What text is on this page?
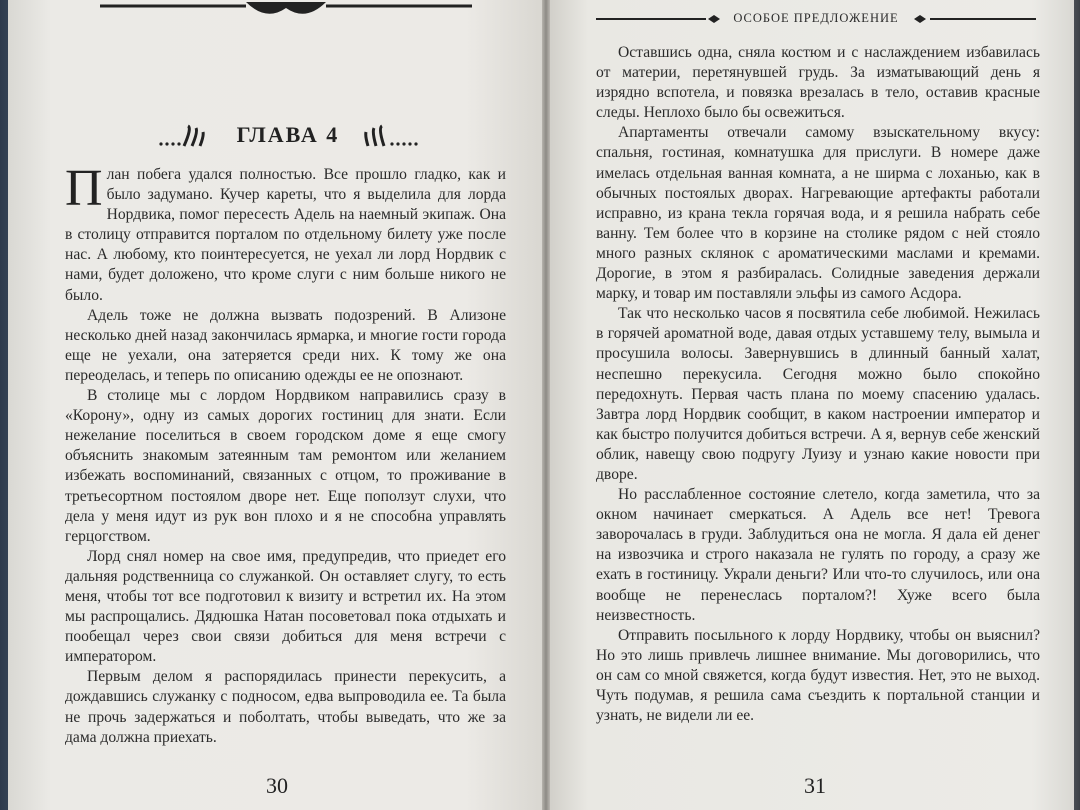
ГЛАВА 4

План побега удался полностью. Все прошло гладко, как и было задумано. Кучер кареты, что я выделила для лорда Нордвика, помог пересесть Адель на наемный экипаж. Она в столицу отправится порталом по отдельному билету уже после нас. А любому, кто поинтересуется, не уехал ли лорд Нордвик с нами, будет доложено, что кроме слуги с ним больше никого не было.

Адель тоже не должна вызвать подозрений. В Ализоне несколько дней назад закончилась ярмарка, и многие гости города еще не уехали, она затеряется среди них. К тому же она переоделась, и теперь по описанию одежды ее не опознают.

В столице мы с лордом Нордвиком направились сразу в «Корону», одну из самых дорогих гостиниц для знати. Если нежелание поселиться в своем городском доме я еще смогу объяснить знакомым затеянным там ремонтом или желанием избежать воспоминаний, связанных с отцом, то проживание в третьесортном постоялом дворе нет. Еще поползут слухи, что дела у меня идут из рук вон плохо и я не способна управлять герцогством.

Лорд снял номер на свое имя, предупредив, что приедет его дальняя родственница со служанкой. Он оставляет слугу, то есть меня, чтобы тот все подготовил к визиту и встретил их. На этом мы распрощались. Дядюшка Натан посоветовал пока отдыхать и пообещал через свои связи добиться для меня встречи с императором.

Первым делом я распорядилась принести перекусить, а дождавшись служанку с подносом, едва выпроводила ее. Та была не прочь задержаться и поболтать, чтобы выведать, что же за дама должна приехать.

30
ОСОБОЕ ПРЕДЛОЖЕНИЕ

Оставшись одна, сняла костюм и с наслаждением избавилась от материи, перетянувшей грудь. За изматывающий день я изрядно вспотела, и повязка врезалась в тело, оставив красные следы. Неплохо было бы освежиться.

Апартаменты отвечали самому взыскательному вкусу: спальня, гостиная, комнатушка для прислуги. В номере даже имелась отдельная ванная комната, а не ширма с лоханью, как в обычных постоялых дворах. Нагревающие артефакты работали исправно, из крана текла горячая вода, и я решила набрать себе ванну. Тем более что в корзине на столике рядом с ней стояло много разных склянок с ароматическими маслами и кремами. Дорогие, в этом я разбиралась. Солидные заведения держали марку, и товар им поставляли эльфы из самого Асдора.

Так что несколько часов я посвятила себе любимой. Нежилась в горячей ароматной воде, давая отдых уставшему телу, вымыла и просушила волосы. Завернувшись в длинный банный халат, неспешно перекусила. Сегодня можно было спокойно передохнуть. Первая часть плана по моему спасению удалась. Завтра лорд Нордвик сообщит, в каком настроении император и как быстро получится добиться встречи. А я, вернув себе женский облик, навещу свою подругу Луизу и узнаю какие новости при дворе.

Но расслабленное состояние слетело, когда заметила, что за окном начинает смеркаться. А Адель все нет! Тревога заворочалась в груди. Заблудиться она не могла. Я дала ей денег на извозчика и строго наказала не гулять по городу, а сразу же ехать в гостиницу. Украли деньги? Или что-то случилось, или она вообще не перенеслась порталом?! Хуже всего была неизвестность.

Отправить посыльного к лорду Нордвику, чтобы он выяснил? Но это лишь привлечь лишнее внимание. Мы договорились, что он сам со мной свяжется, когда будут известия. Нет, это не выход. Чуть подумав, я решила сама съездить к портальной станции и узнать, не видели ли ее.

31
